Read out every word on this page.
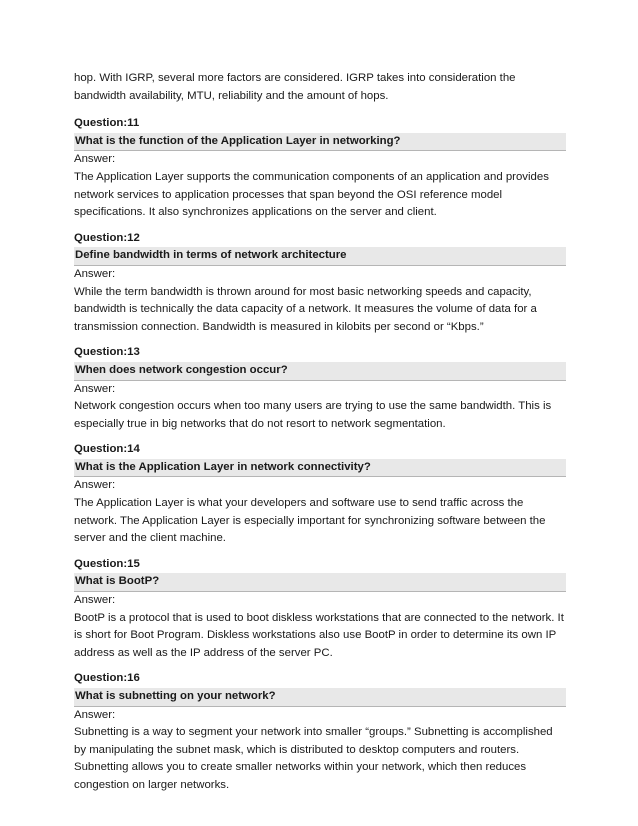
hop. With IGRP, several more factors are considered. IGRP takes into consideration the bandwidth availability, MTU, reliability and the amount of hops.

Question:11
What is the function of the Application Layer in networking?
Answer:

The Application Layer supports the communication components of an application and provides network services to application processes that span beyond the OSI reference model specifications. It also synchronizes applications on the server and client.

Question:12
Define bandwidth in terms of network architecture
Answer:

While the term bandwidth is thrown around for most basic networking speeds and capacity, bandwidth is technically the data capacity of a network. It measures the volume of data for a transmission connection. Bandwidth is measured in kilobits per second or “Kbps.”

Question:13
When does network congestion occur?
Answer:

Network congestion occurs when too many users are trying to use the same bandwidth. This is especially true in big networks that do not resort to network segmentation.

Question:14
What is the Application Layer in network connectivity?
Answer:

The Application Layer is what your developers and software use to send traffic across the network. The Application Layer is especially important for synchronizing software between the server and the client machine.

Question:15
What is BootP?
Answer:

BootP is a protocol that is used to boot diskless workstations that are connected to the network. It is short for Boot Program. Diskless workstations also use BootP in order to determine its own IP address as well as the IP address of the server PC.

Question:16
What is subnetting on your network?
Answer:

Subnetting is a way to segment your network into smaller “groups.” Subnetting is accomplished by manipulating the subnet mask, which is distributed to desktop computers and routers. Subnetting allows you to create smaller networks within your network, which then reduces congestion on larger networks.
